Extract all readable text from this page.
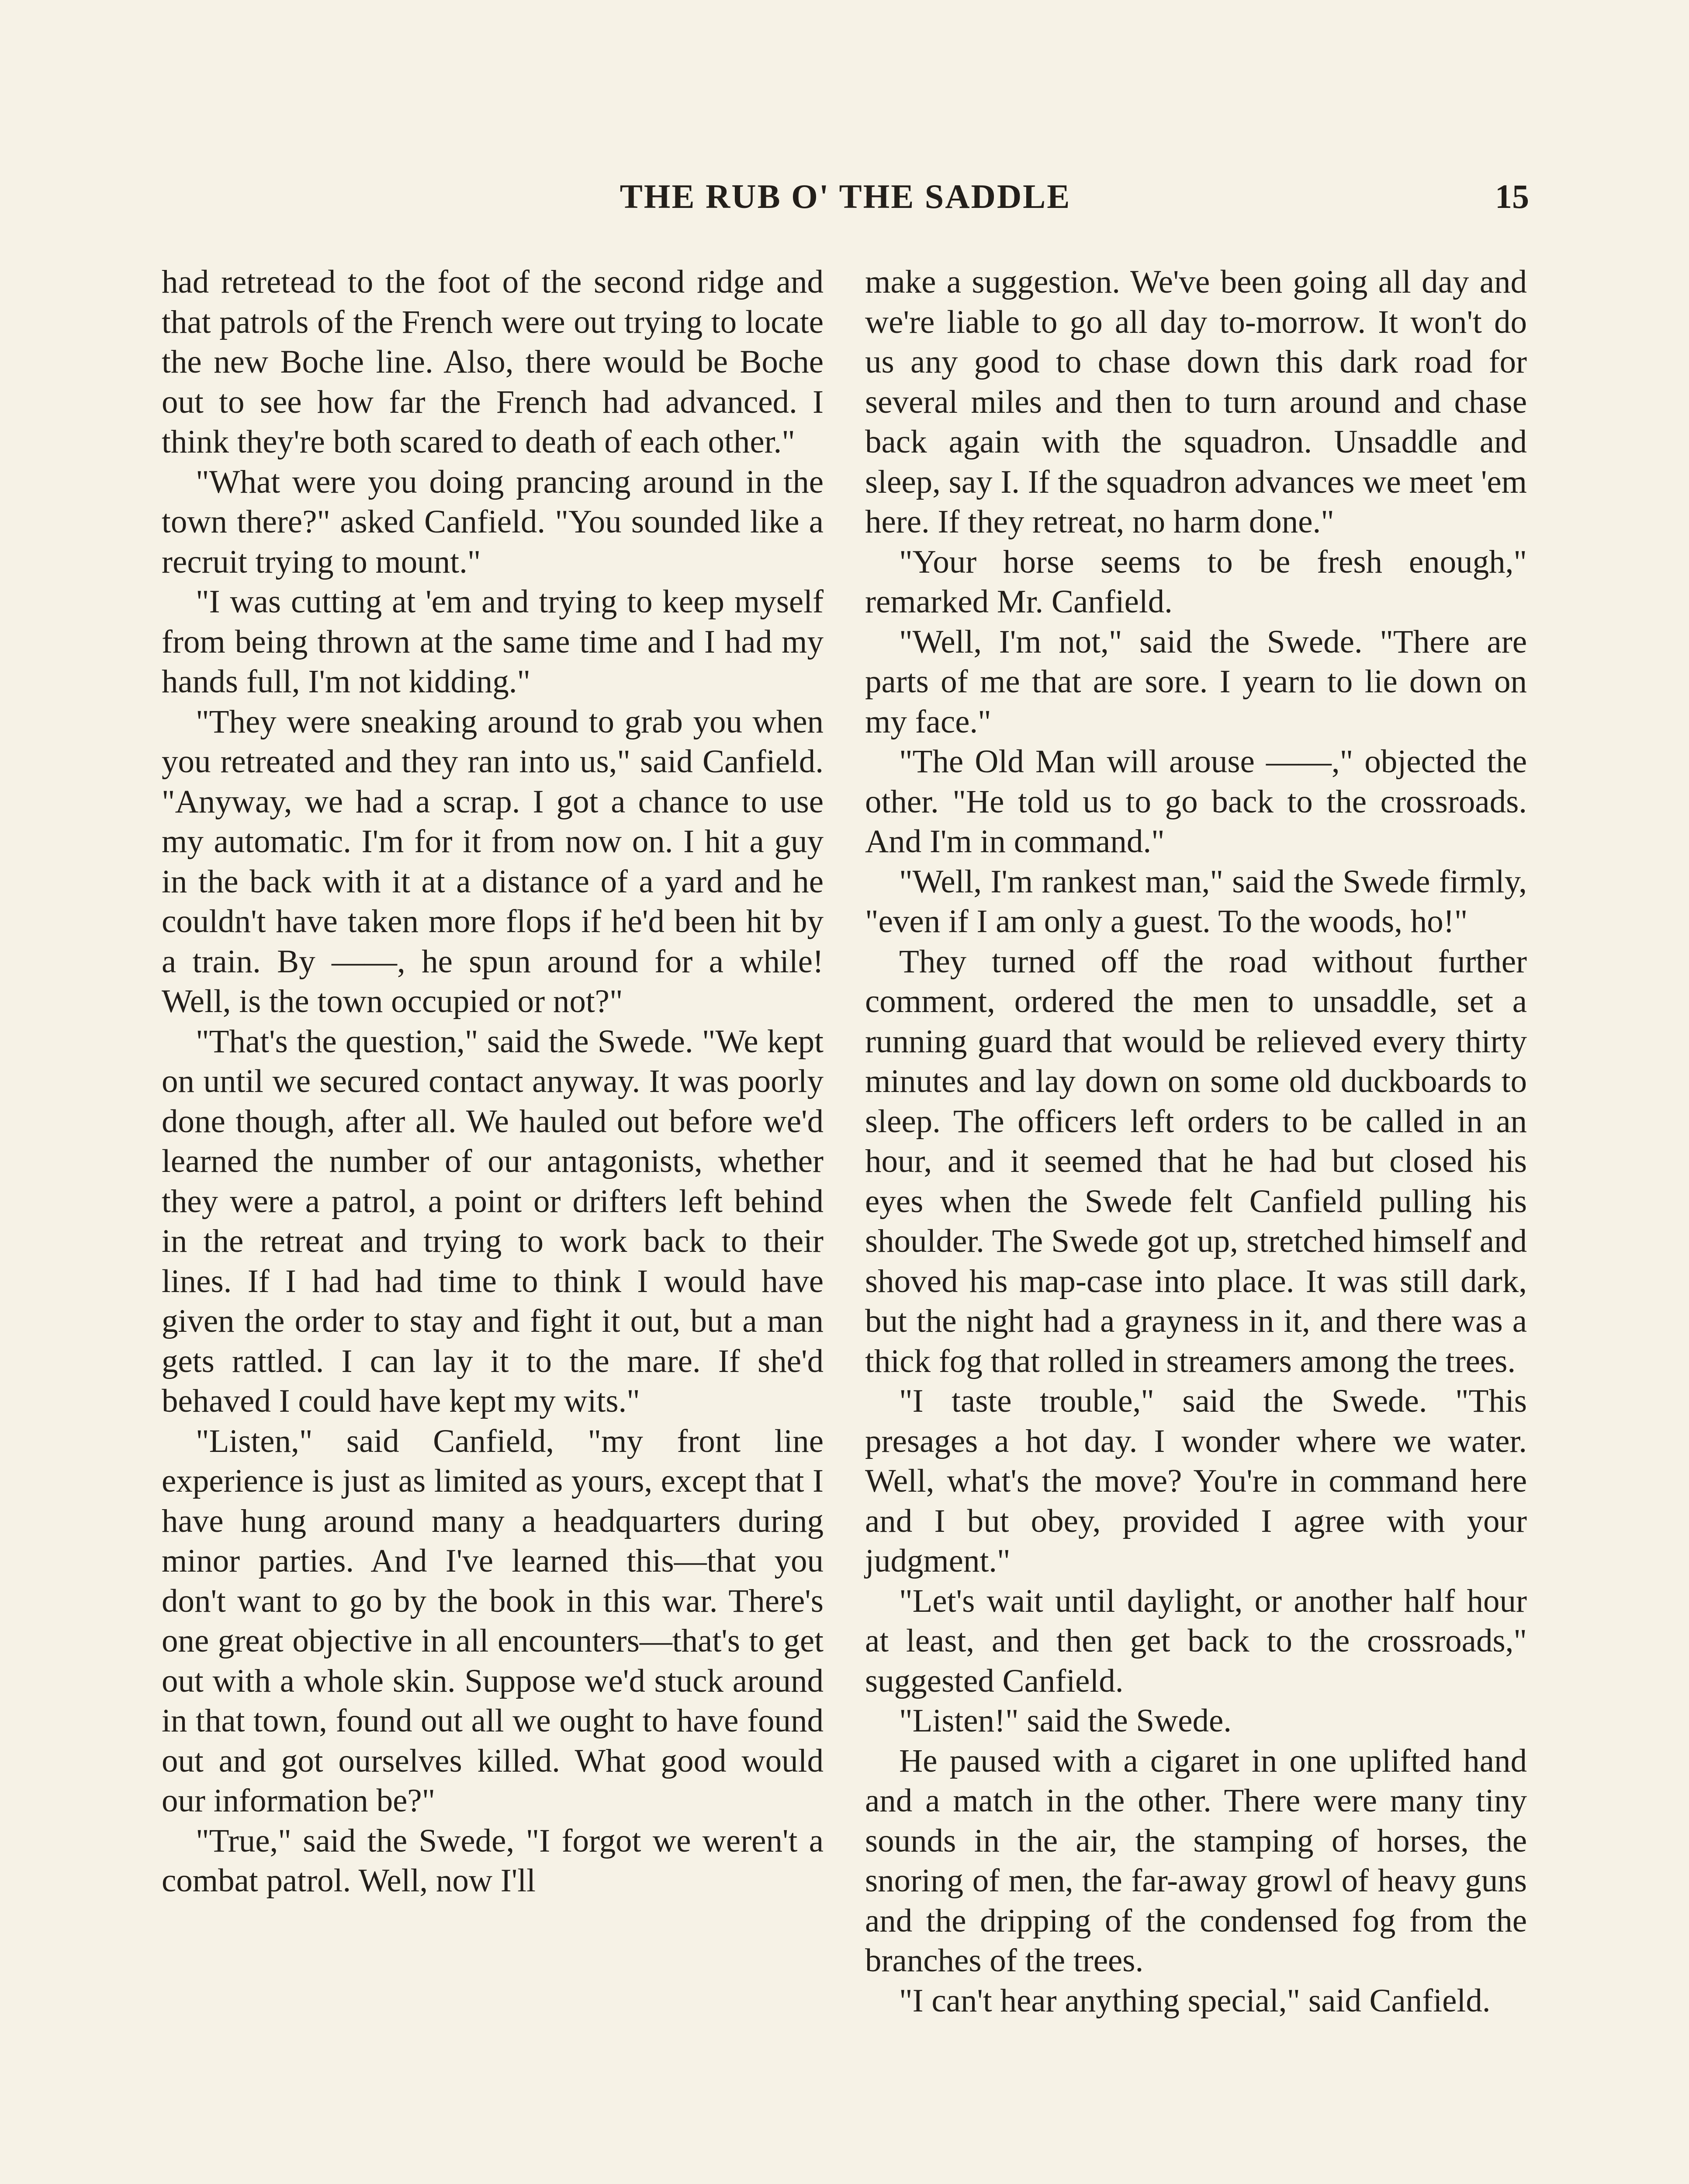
THE RUB O' THE SADDLE	15

had retretead to the foot of the second ridge and that patrols of the French were out trying to locate the new Boche line. Also, there would be Boche out to see how far the French had advanced. I think they're both scared to death of each other."

"What were you doing prancing around in the town there?" asked Canfield. "You sounded like a recruit trying to mount."

"I was cutting at 'em and trying to keep myself from being thrown at the same time and I had my hands full, I'm not kidding."

"They were sneaking around to grab you when you retreated and they ran into us," said Canfield. "Anyway, we had a scrap. I got a chance to use my automatic. I'm for it from now on. I hit a guy in the back with it at a distance of a yard and he couldn't have taken more flops if he'd been hit by a train. By ——, he spun around for a while! Well, is the town occupied or not?"

"That's the question," said the Swede. "We kept on until we secured contact anyway. It was poorly done though, after all. We hauled out before we'd learned the number of our antagonists, whether they were a patrol, a point or drifters left behind in the retreat and trying to work back to their lines. If I had had time to think I would have given the order to stay and fight it out, but a man gets rattled. I can lay it to the mare. If she'd behaved I could have kept my wits."

"Listen," said Canfield, "my front line experience is just as limited as yours, except that I have hung around many a headquarters during minor parties. And I've learned this—that you don't want to go by the book in this war. There's one great objective in all encounters—that's to get out with a whole skin. Suppose we'd stuck around in that town, found out all we ought to have found out and got ourselves killed. What good would our information be?"

"True," said the Swede, "I forgot we weren't a combat patrol. Well, now I'll

make a suggestion. We've been going all day and we're liable to go all day to-morrow. It won't do us any good to chase down this dark road for several miles and then to turn around and chase back again with the squadron. Unsaddle and sleep, say I. If the squadron advances we meet 'em here. If they retreat, no harm done."

"Your horse seems to be fresh enough," remarked Mr. Canfield.

"Well, I'm not," said the Swede. "There are parts of me that are sore. I yearn to lie down on my face."

"The Old Man will arouse ——," objected the other. "He told us to go back to the crossroads. And I'm in command."

"Well, I'm rankest man," said the Swede firmly, "even if I am only a guest. To the woods, ho!"

They turned off the road without further comment, ordered the men to unsaddle, set a running guard that would be relieved every thirty minutes and lay down on some old duckboards to sleep. The officers left orders to be called in an hour, and it seemed that he had but closed his eyes when the Swede felt Canfield pulling his shoulder. The Swede got up, stretched himself and shoved his map-case into place. It was still dark, but the night had a grayness in it, and there was a thick fog that rolled in streamers among the trees.

"I taste trouble," said the Swede. "This presages a hot day. I wonder where we water. Well, what's the move? You're in command here and I but obey, provided I agree with your judgment."

"Let's wait until daylight, or another half hour at least, and then get back to the crossroads," suggested Canfield.

"Listen!" said the Swede.

He paused with a cigaret in one uplifted hand and a match in the other. There were many tiny sounds in the air, the stamping of horses, the snoring of men, the far-away growl of heavy guns and the dripping of the condensed fog from the branches of the trees.

"I can't hear anything special," said Canfield.
